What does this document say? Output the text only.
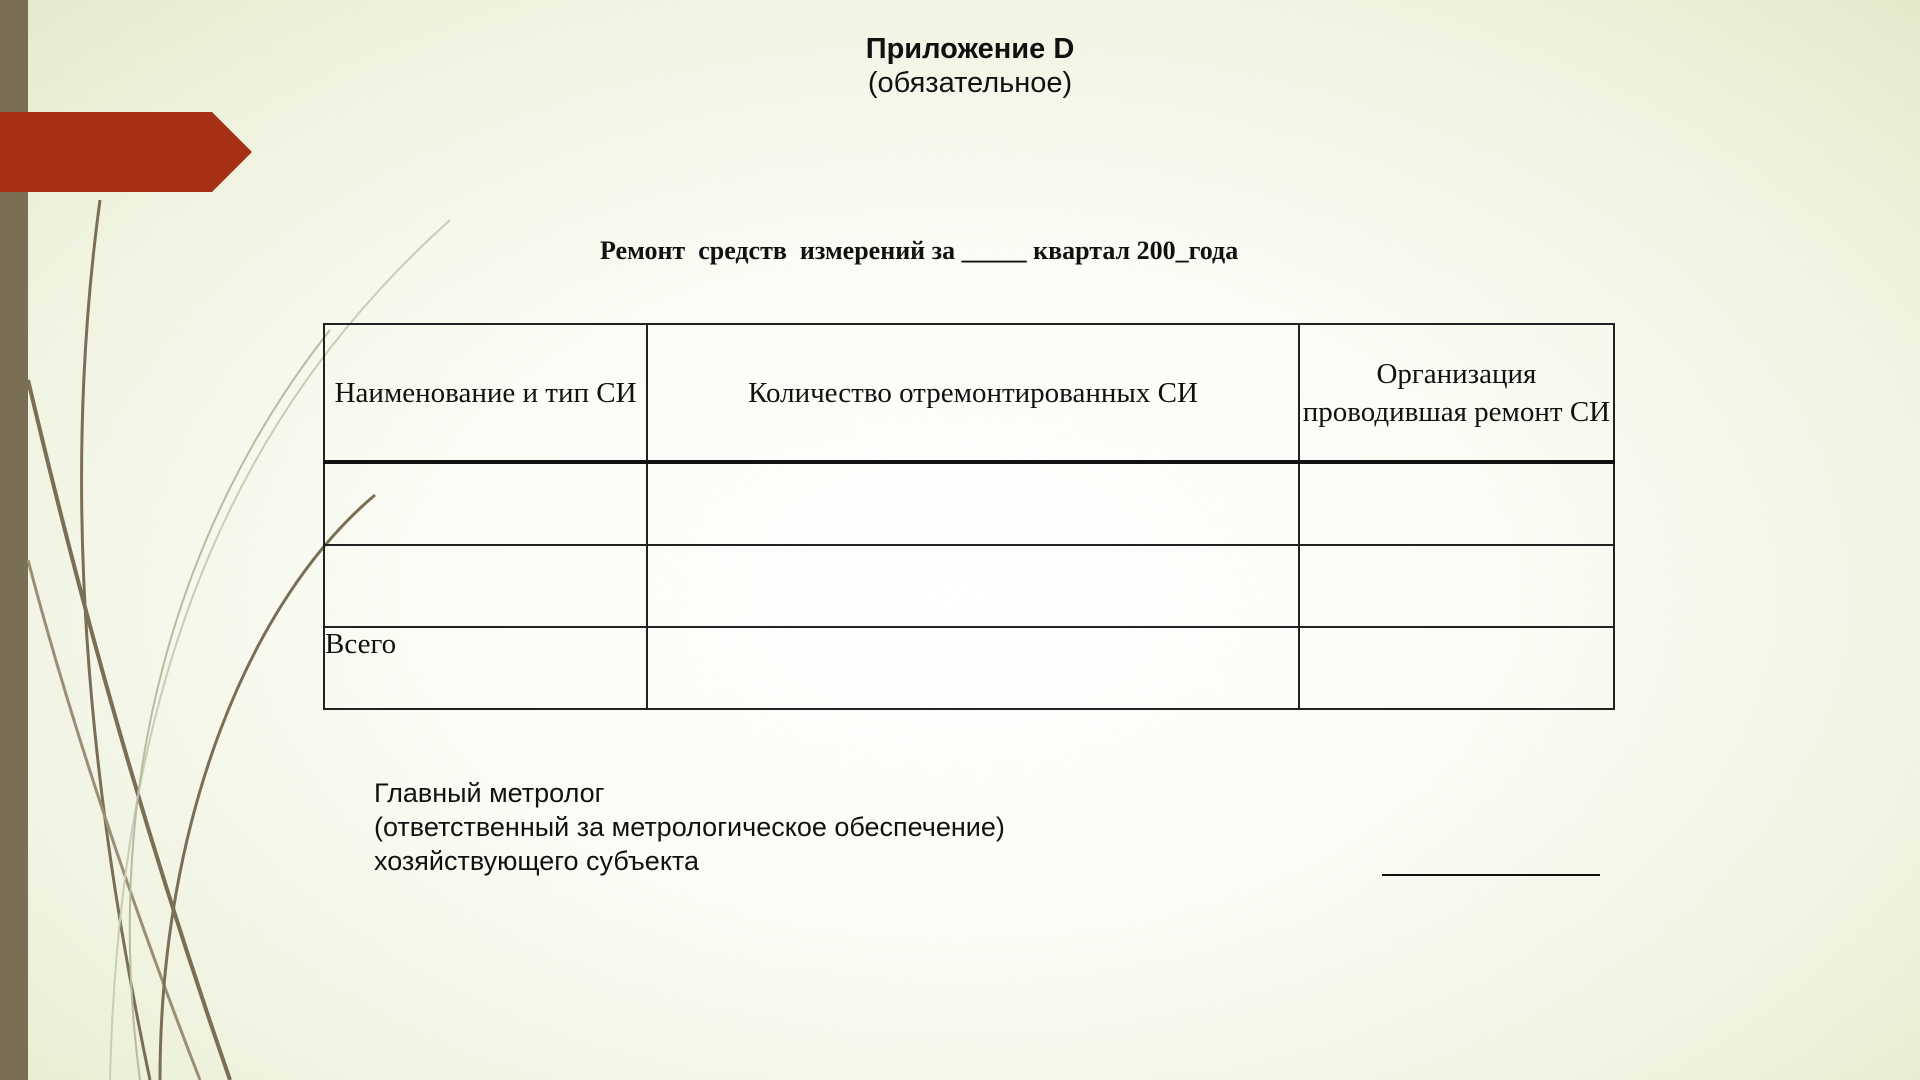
Приложение D
(обязательное)
Ремонт  средств  измерений за _____ квартал 200_года
Наименование и тип СИ	Количество отремонтированных СИ	Организация проводившая ремонт СИ

Всего		
Главный метролог
(ответственный за метрологическое обеспечение)
хозяйствующего субъекта
